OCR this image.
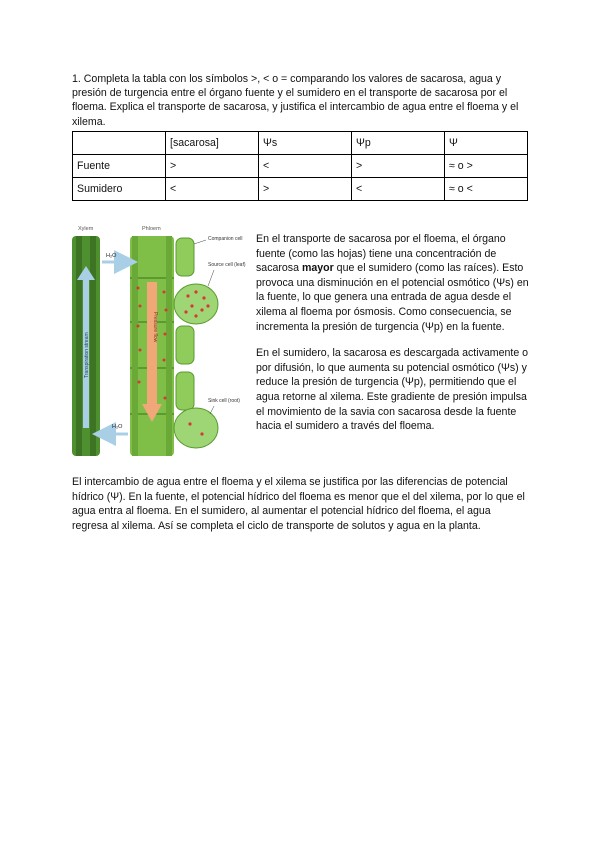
1. Completa la tabla con los símbolos >, < o = comparando los valores de sacarosa, agua y presión de turgencia entre el órgano fuente y el sumidero en el transporte de sacarosa por el floema. Explica el transporte de sacarosa, y justifica el intercambio de agua entre el floema y el xilema.
	[sacarosa]	Ψs	Ψp	Ψ
Fuente	>	<	>	≈ o >
Sumidero	<	>	<	≈ o <
Xylem	Phloem
Transpiration stream
Pressure flow
H₂O
H₂O
Companion cell
Source cell (leaf)
Sink cell (root)

En el transporte de sacarosa por el floema, el órgano fuente (como las hojas) tiene una concentración de sacarosa mayor que el sumidero (como las raíces). Esto provoca una disminución en el potencial osmótico (Ψs) en la fuente, lo que genera una entrada de agua desde el xilema al floema por ósmosis. Como consecuencia, se incrementa la presión de turgencia (Ψp) en la fuente.

En el sumidero, la sacarosa es descargada activamente o por difusión, lo que aumenta su potencial osmótico (Ψs) y reduce la presión de turgencia (Ψp), permitiendo que el agua retorne al xilema. Este gradiente de presión impulsa el movimiento de la savia con sacarosa desde la fuente hacia el sumidero a través del floema.

El intercambio de agua entre el floema y el xilema se justifica por las diferencias de potencial hídrico (Ψ). En la fuente, el potencial hídrico del floema es menor que el del xilema, por lo que el agua entra al floema. En el sumidero, al aumentar el potencial hídrico del floema, el agua regresa al xilema. Así se completa el ciclo de transporte de solutos y agua en la planta.
